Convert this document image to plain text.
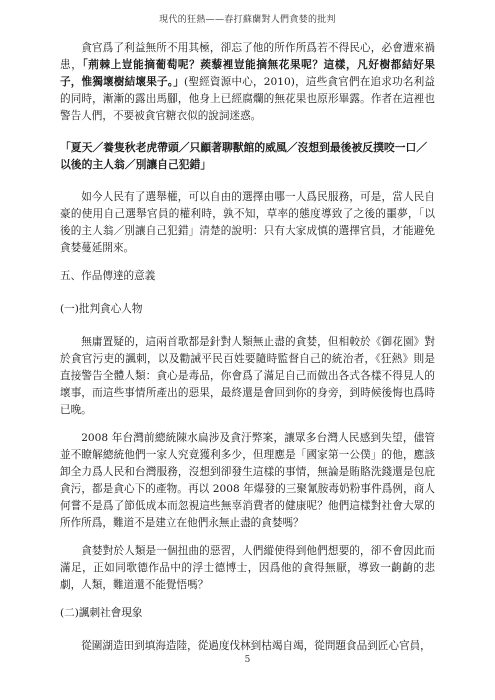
現代的狂熱——春打蘇蘭對人們貪婪的批判

貪官爲了利益無所不用其極，卻忘了他的所作所爲若不得民心，必會遭來禍患，「荊棘上豈能摘葡萄呢？蒺藜裡豈能摘無花果呢？這樣，凡好樹都結好果子，惟獨壞樹結壞果子。」(聖經資源中心，2010)，這些貪官們在追求功名利益的同時，漸漸的露出馬腳，他身上已經腐爛的無花果也原形畢露。作者在這裡也警告人們，不要被貪官糖衣似的說詞迷惑。

「夏天／養隻秋老虎帶頭／只顧著聊獸館的威風／沒想到最後被反撲咬一口／以後的主人翁／別讓自己犯錯」

如今人民有了選舉權，可以自由的選擇由哪一人爲民服務，可是，當人民自豪的使用自己選舉官員的權利時，孰不知，草率的態度導致了之後的噩夢，「以後的主人翁／別讓自己犯錯」清楚的說明：只有大家成慎的選擇官員，才能避免貪婪蔓延開來。

五、作品傳達的意義

(一)批判貪心人物

無庸置疑的，這兩首歌都是針對人類無止盡的貪婪，但相較於《御花園》對於貪官污吏的諷刺，以及勸誡平民百姓要隨時監督自己的統治者，《狂熱》則是直接警告全體人類：貪心是毒品，你會爲了滿足自己而做出各式各樣不得見人的壞事，而這些事情所產出的惡果，最終還是會回到你的身旁，到時候後悔也爲時已晚。

2008 年台灣前總統陳水扁涉及貪汙弊案，讓眾多台灣人民感到失望，儘管並不瞭解總統他們一家人究竟獲利多少，但理應是「國家第一公僕」的他，應該卸全力爲人民和台灣服務，沒想到卻發生這樣的事情，無論是賄賂洗錢還是包庇貪污，都是貪心下的產物。再以 2008 年爆發的三聚氰胺毒奶粉事件爲例，商人何嘗不是爲了節低成本而忽視這些無辜消費者的健康呢？他們這樣對社會大眾的所作所爲，難道不是建立在他們永無止盡的貪婪嗎？

貪婪對於人類是一個扭曲的惡習，人們縱使得到他們想要的，卻不會因此而滿足，正如同歌德作品中的浮士德博士，因爲他的貪得無厭，導致一齣齣的悲劇，人類，難道還不能覺悟嗎？

(二)諷刺社會現象

從圍湖造田到填海造陸，從過度伐林到枯竭自竭，從問題食品到匠心官員，

5
